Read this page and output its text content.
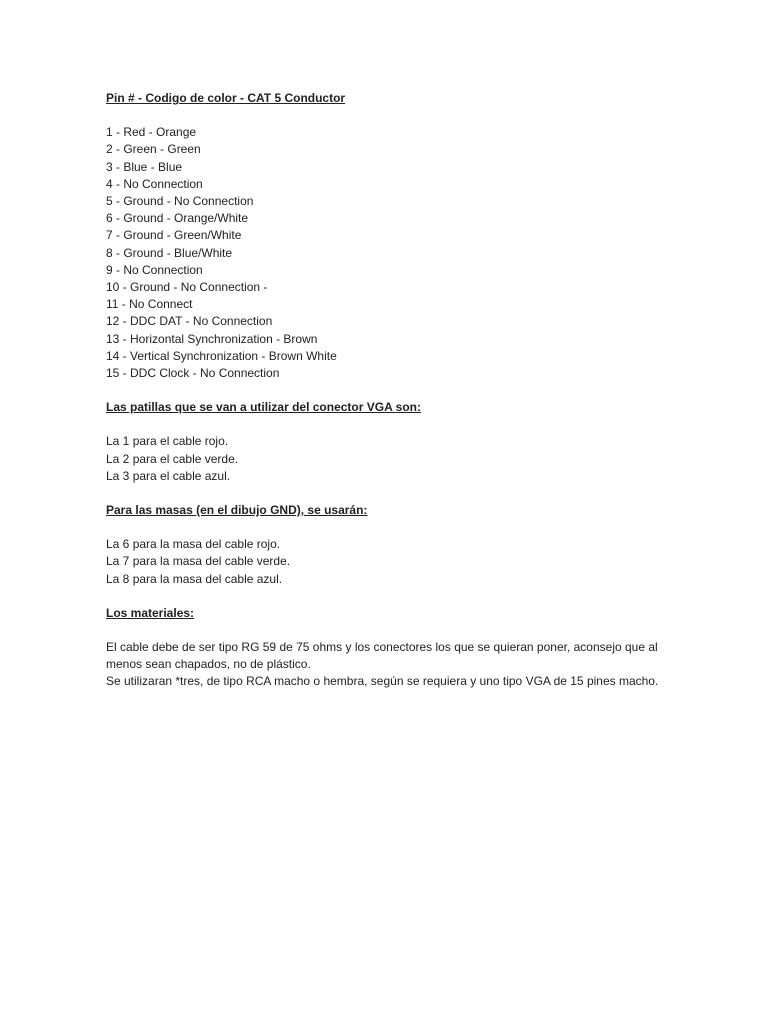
Pin # - Codigo de color - CAT 5 Conductor

1 - Red - Orange
2 - Green - Green
3 - Blue - Blue
4 - No Connection
5 - Ground - No Connection
6 - Ground - Orange/White
7 - Ground - Green/White
8 - Ground - Blue/White
9 - No Connection
10 - Ground - No Connection -
11 - No Connect
12 - DDC DAT - No Connection
13 - Horizontal Synchronization - Brown
14 - Vertical Synchronization - Brown White
15 - DDC Clock - No Connection

Las patillas que se van a utilizar del conector VGA son:

La 1 para el cable rojo.
La 2 para el cable verde.
La 3 para el cable azul.

Para las masas (en el dibujo GND), se usarán:

La 6 para la masa del cable rojo.
La 7 para la masa del cable verde.
La 8 para la masa del cable azul.

Los materiales:

El cable debe de ser tipo RG 59 de 75 ohms y los conectores los que se quieran poner, aconsejo que al menos sean chapados, no de plástico.

Se utilizaran *tres, de tipo RCA macho o hembra, según se requiera y uno tipo VGA de 15 pines macho.
